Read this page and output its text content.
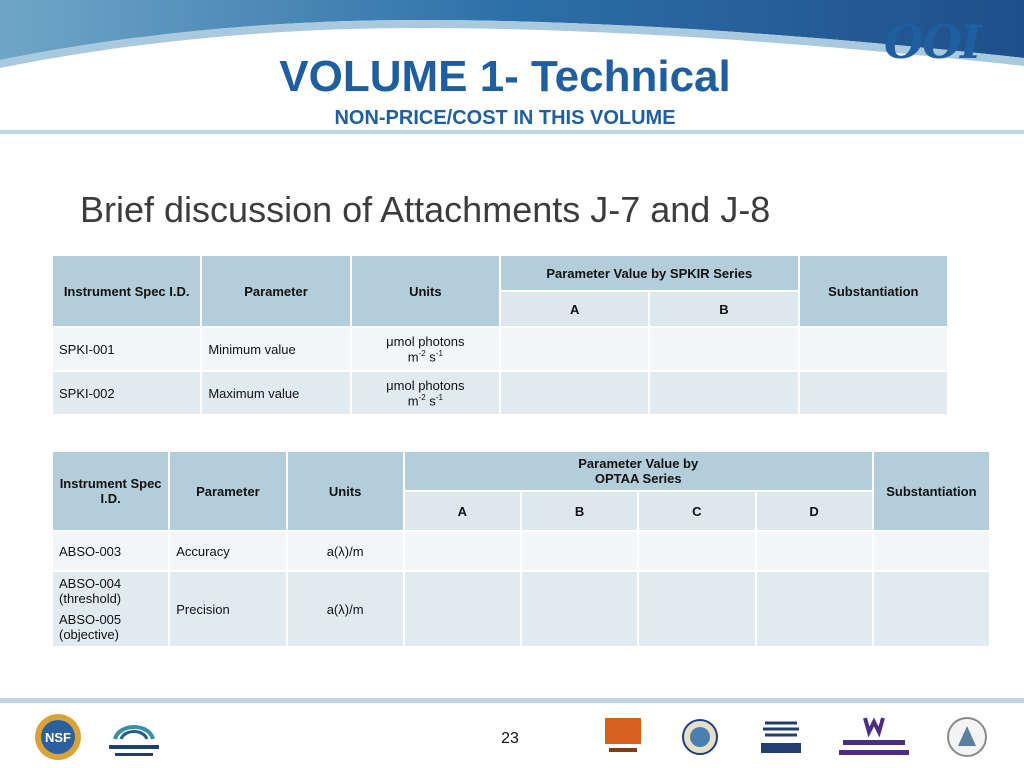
VOLUME 1- Technical
NON-PRICE/COST IN THIS VOLUME
OOI
Brief discussion of Attachments J-7 and J-8
Instrument Spec I.D.	Parameter	Units	Parameter Value by SPKIR Series		Substantiation
			A	B	
SPKI-001	Minimum value	μmol photons
$m^{-2}$ $s^{-1}$			
SPKI-002	Maximum value	μmol photons
$m^{-2}$ $s^{-1}$			
Instrument Spec I.D.	Parameter	Units	Parameter Value by
OPTAA Series				Substantiation
			A	B	C	D	
ABSO-003	Accuracy	a(λ)/m					

ABSO-004 (threshold)
ABSO-005 (objective)	Precision	a(λ)/m					
23
NSF
